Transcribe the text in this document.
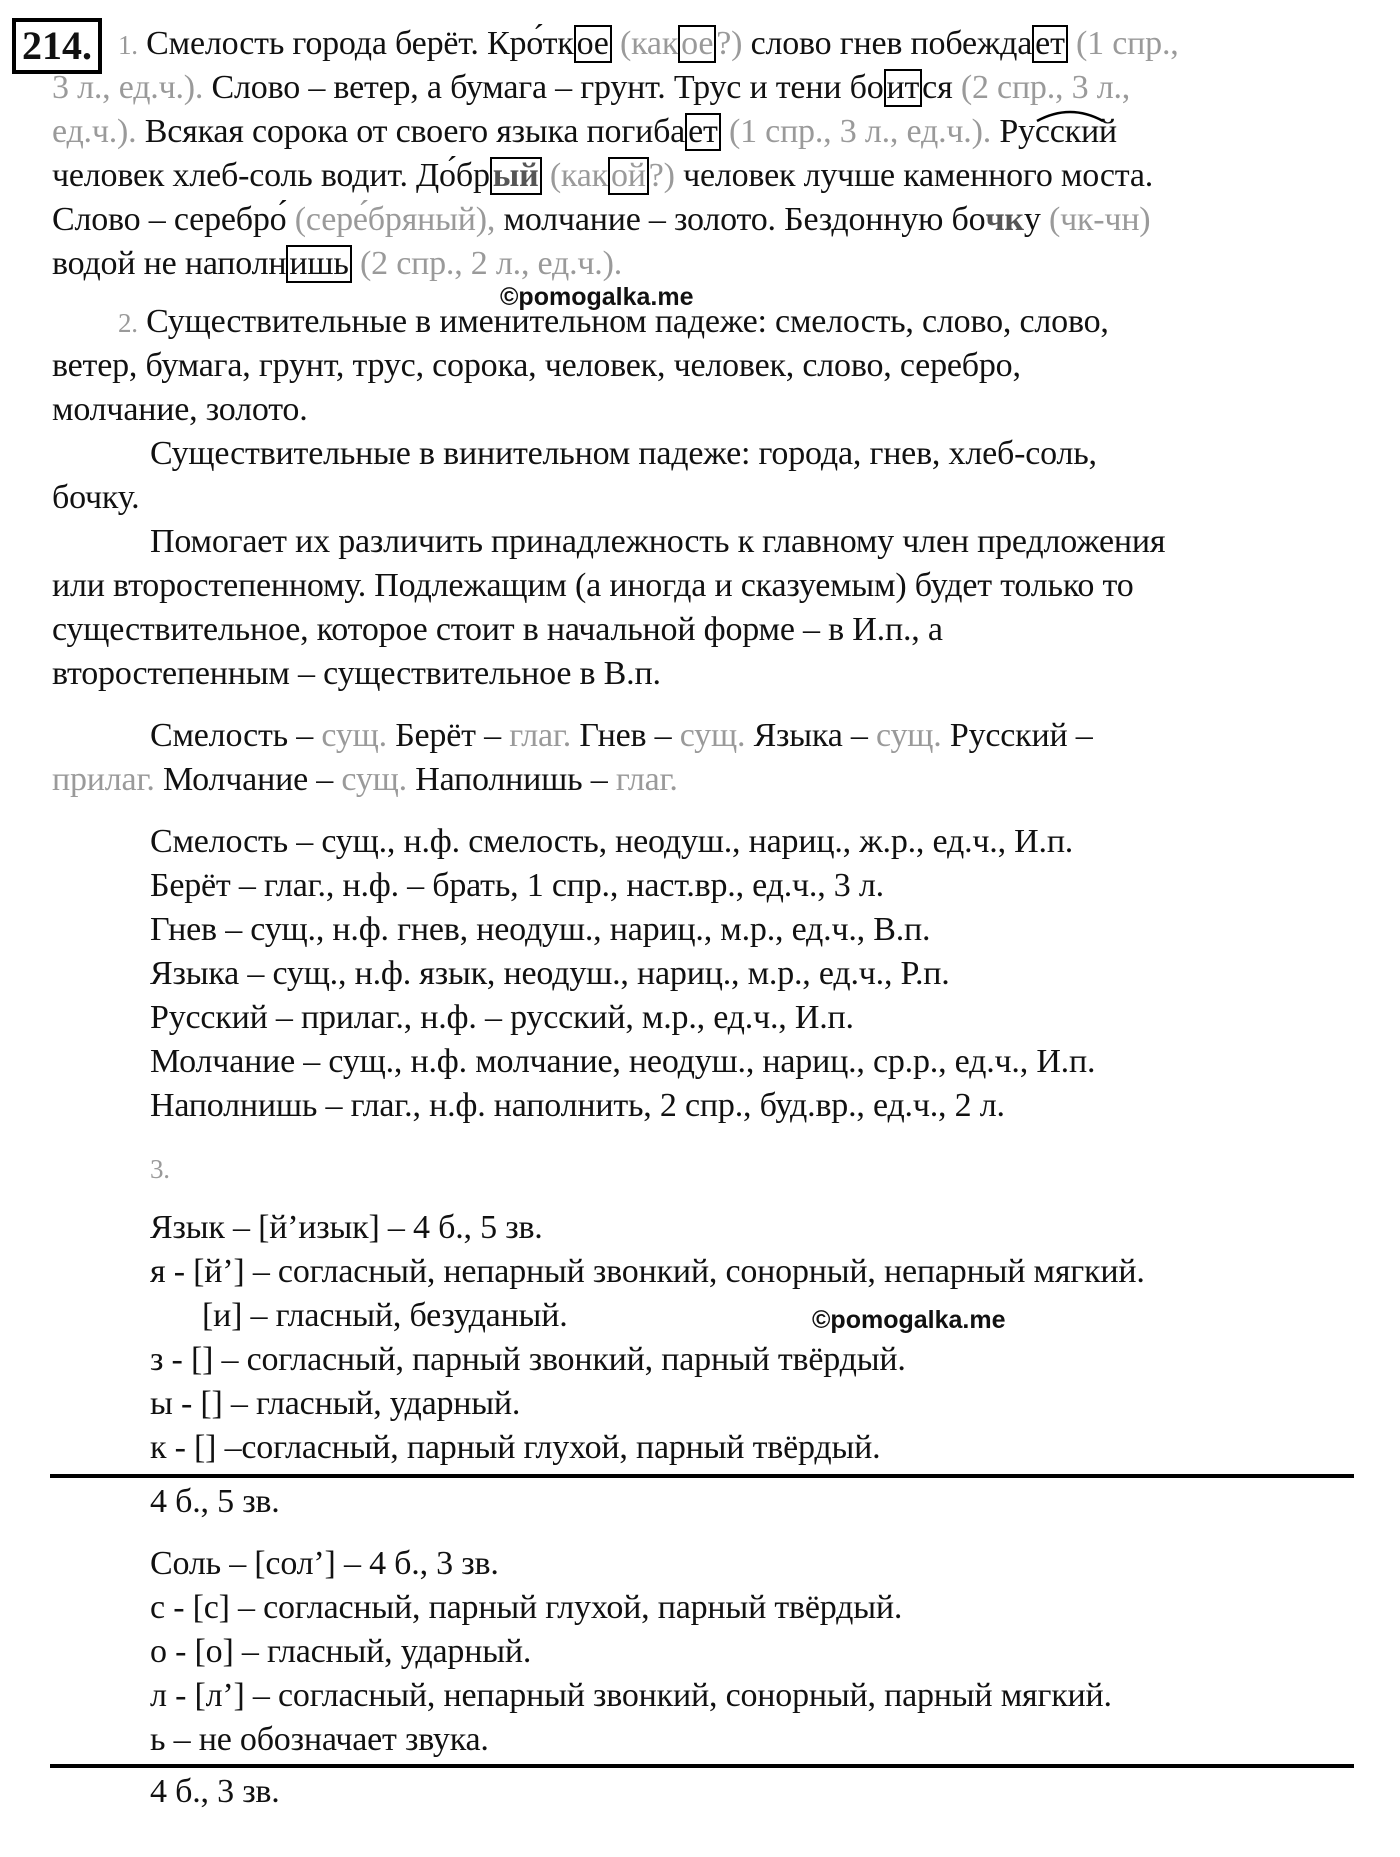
214. 1. Смелость города берёт. Кро́ткое (какое?) слово гнев побеждает (1 спр.,
3 л., ед.ч.). Слово – ветер, а бумага – грунт. Трус и тени боится (2 спр., 3 л.,
ед.ч.). Всякая сорока от своего языка погибает (1 спр., 3 л., ед.ч.). Ру
сский
человек хлеб-соль водит. До́брый (какой?) человек лучше каменного моста.
Слово – серебро́ (сере́бряный), молчание – золото. Бездонную бочку (чк-чн)
водой не наполнишь (2 спр., 2 л., ед.ч.).
©pomogalka.me
2. Существительные в именительном падеже: смелость, слово, слово,
ветер, бумага, грунт, трус, сорока, человек, человек, слово, серебро,
молчание, золото.
Существительные в винительном падеже: города, гнев, хлеб-соль,
бочку.
Помогает их различить принадлежность к главному член предложения
или второстепенному. Подлежащим (а иногда и сказуемым) будет только то
существительное, которое стоит в начальной форме – в И.п., а
второстепенным – существительное в В.п.
Смелость – сущ. Берёт – глаг. Гнев – сущ. Языка – сущ. Русский –
прилаг. Молчание – сущ. Наполнишь – глаг.
Смелость – сущ., н.ф. смелость, неодуш., нариц., ж.р., ед.ч., И.п.
Берёт – глаг., н.ф. – брать, 1 спр., наст.вр., ед.ч., 3 л.
Гнев – сущ., н.ф. гнев, неодуш., нариц., м.р., ед.ч., В.п.
Языка – сущ., н.ф. язык, неодуш., нариц., м.р., ед.ч., Р.п.
Русский – прилаг., н.ф. – русский, м.р., ед.ч., И.п.
Молчание – сущ., н.ф. молчание, неодуш., нариц., ср.р., ед.ч., И.п.
Наполнишь – глаг., н.ф. наполнить, 2 спр., буд.вр., ед.ч., 2 л.
3.
Язык – [й’изык] – 4 б., 5 зв.
я - [й’] – согласный, непарный звонкий, сонорный, непарный мягкий.
[и] – гласный, безуданый.	©pomogalka.me
з - [] – согласный, парный звонкий, парный твёрдый.
ы - [] – гласный, ударный.
к - [] –согласный, парный глухой, парный твёрдый.
4 б., 5 зв.
Соль – [сол’] – 4 б., 3 зв.
с - [с] – согласный, парный глухой, парный твёрдый.
о - [о] – гласный, ударный.
л - [л’] – согласный, непарный звонкий, сонорный, парный мягкий.
ь – не обозначает звука.
4 б., 3 зв.
